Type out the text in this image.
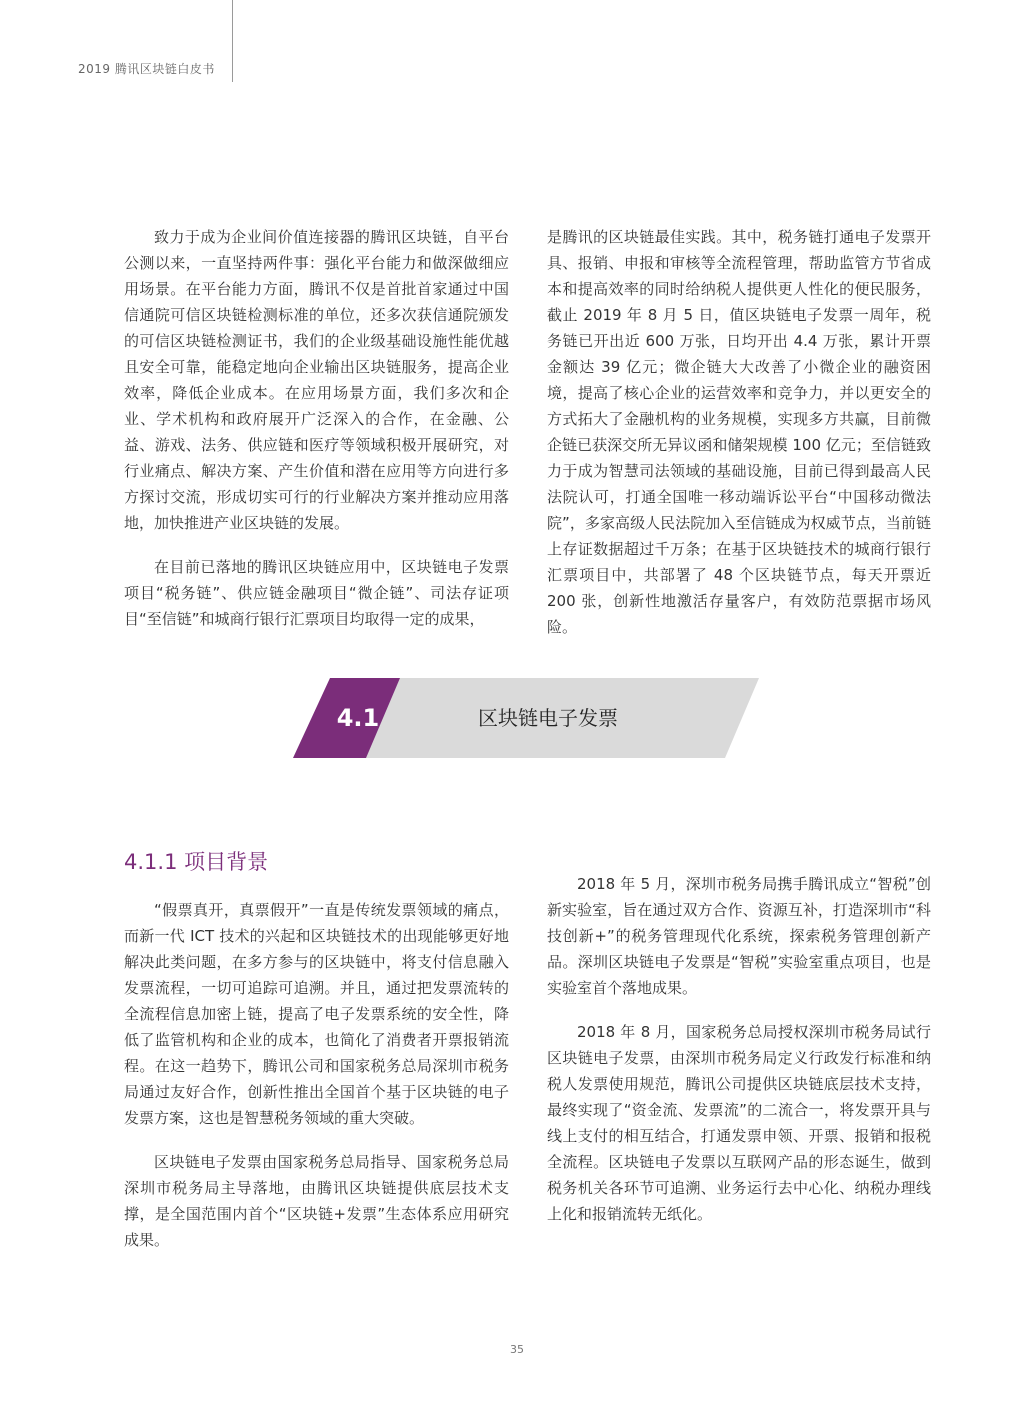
2019 腾讯区块链白皮书

致力于成为企业间价值连接器的腾讯区块链，自平台公测以来，一直坚持两件事：强化平台能力和做深做细应用场景。在平台能力方面，腾讯不仅是首批首家通过中国信通院可信区块链检测标准的单位，还多次获信通院颁发的可信区块链检测证书，我们的企业级基础设施性能优越且安全可靠，能稳定地向企业输出区块链服务，提高企业效率，降低企业成本。在应用场景方面，我们多次和企业、学术机构和政府展开广泛深入的合作，在金融、公益、游戏、法务、供应链和医疗等领域积极开展研究，对行业痛点、解决方案、产生价值和潜在应用等方向进行多方探讨交流，形成切实可行的行业解决方案并推动应用落地，加快推进产业区块链的发展。

在目前已落地的腾讯区块链应用中，区块链电子发票项目“税务链”、供应链金融项目“微企链”、司法存证项目“至信链”和城商行银行汇票项目均取得一定的成果，

是腾讯的区块链最佳实践。其中，税务链打通电子发票开具、报销、申报和审核等全流程管理，帮助监管方节省成本和提高效率的同时给纳税人提供更人性化的便民服务，截止 2019 年 8 月 5 日，值区块链电子发票一周年，税务链已开出近 600 万张，日均开出 4.4 万张，累计开票金额达 39 亿元；微企链大大改善了小微企业的融资困境，提高了核心企业的运营效率和竞争力，并以更安全的方式拓大了金融机构的业务规模，实现多方共赢，目前微企链已获深交所无异议函和储架规模 100 亿元；至信链致力于成为智慧司法领域的基础设施，目前已得到最高人民法院认可，打通全国唯一移动端诉讼平台“中国移动微法院”，多家高级人民法院加入至信链成为权威节点，当前链上存证数据超过千万条；在基于区块链技术的城商行银行汇票项目中，共部署了 48 个区块链节点，每天开票近 200 张，创新性地激活存量客户，有效防范票据市场风险。

4.1	区块链电子发票
4.1.1 项目背景

“假票真开，真票假开”一直是传统发票领域的痛点，而新一代 ICT 技术的兴起和区块链技术的出现能够更好地解决此类问题，在多方参与的区块链中，将支付信息融入发票流程，一切可追踪可追溯。并且，通过把发票流转的全流程信息加密上链，提高了电子发票系统的安全性，降低了监管机构和企业的成本，也简化了消费者开票报销流程。在这一趋势下，腾讯公司和国家税务总局深圳市税务局通过友好合作，创新性推出全国首个基于区块链的电子发票方案，这也是智慧税务领域的重大突破。

区块链电子发票由国家税务总局指导、国家税务总局深圳市税务局主导落地，由腾讯区块链提供底层技术支撑，是全国范围内首个“区块链+发票”生态体系应用研究成果。

2018 年 5 月，深圳市税务局携手腾讯成立“智税”创新实验室，旨在通过双方合作、资源互补，打造深圳市“科技创新+”的税务管理现代化系统，探索税务管理创新产品。深圳区块链电子发票是“智税”实验室重点项目，也是实验室首个落地成果。

2018 年 8 月，国家税务总局授权深圳市税务局试行区块链电子发票，由深圳市税务局定义行政发行标准和纳税人发票使用规范，腾讯公司提供区块链底层技术支持，最终实现了“资金流、发票流”的二流合一，将发票开具与线上支付的相互结合，打通发票申领、开票、报销和报税全流程。区块链电子发票以互联网产品的形态诞生，做到税务机关各环节可追溯、业务运行去中心化、纳税办理线上化和报销流转无纸化。

35
